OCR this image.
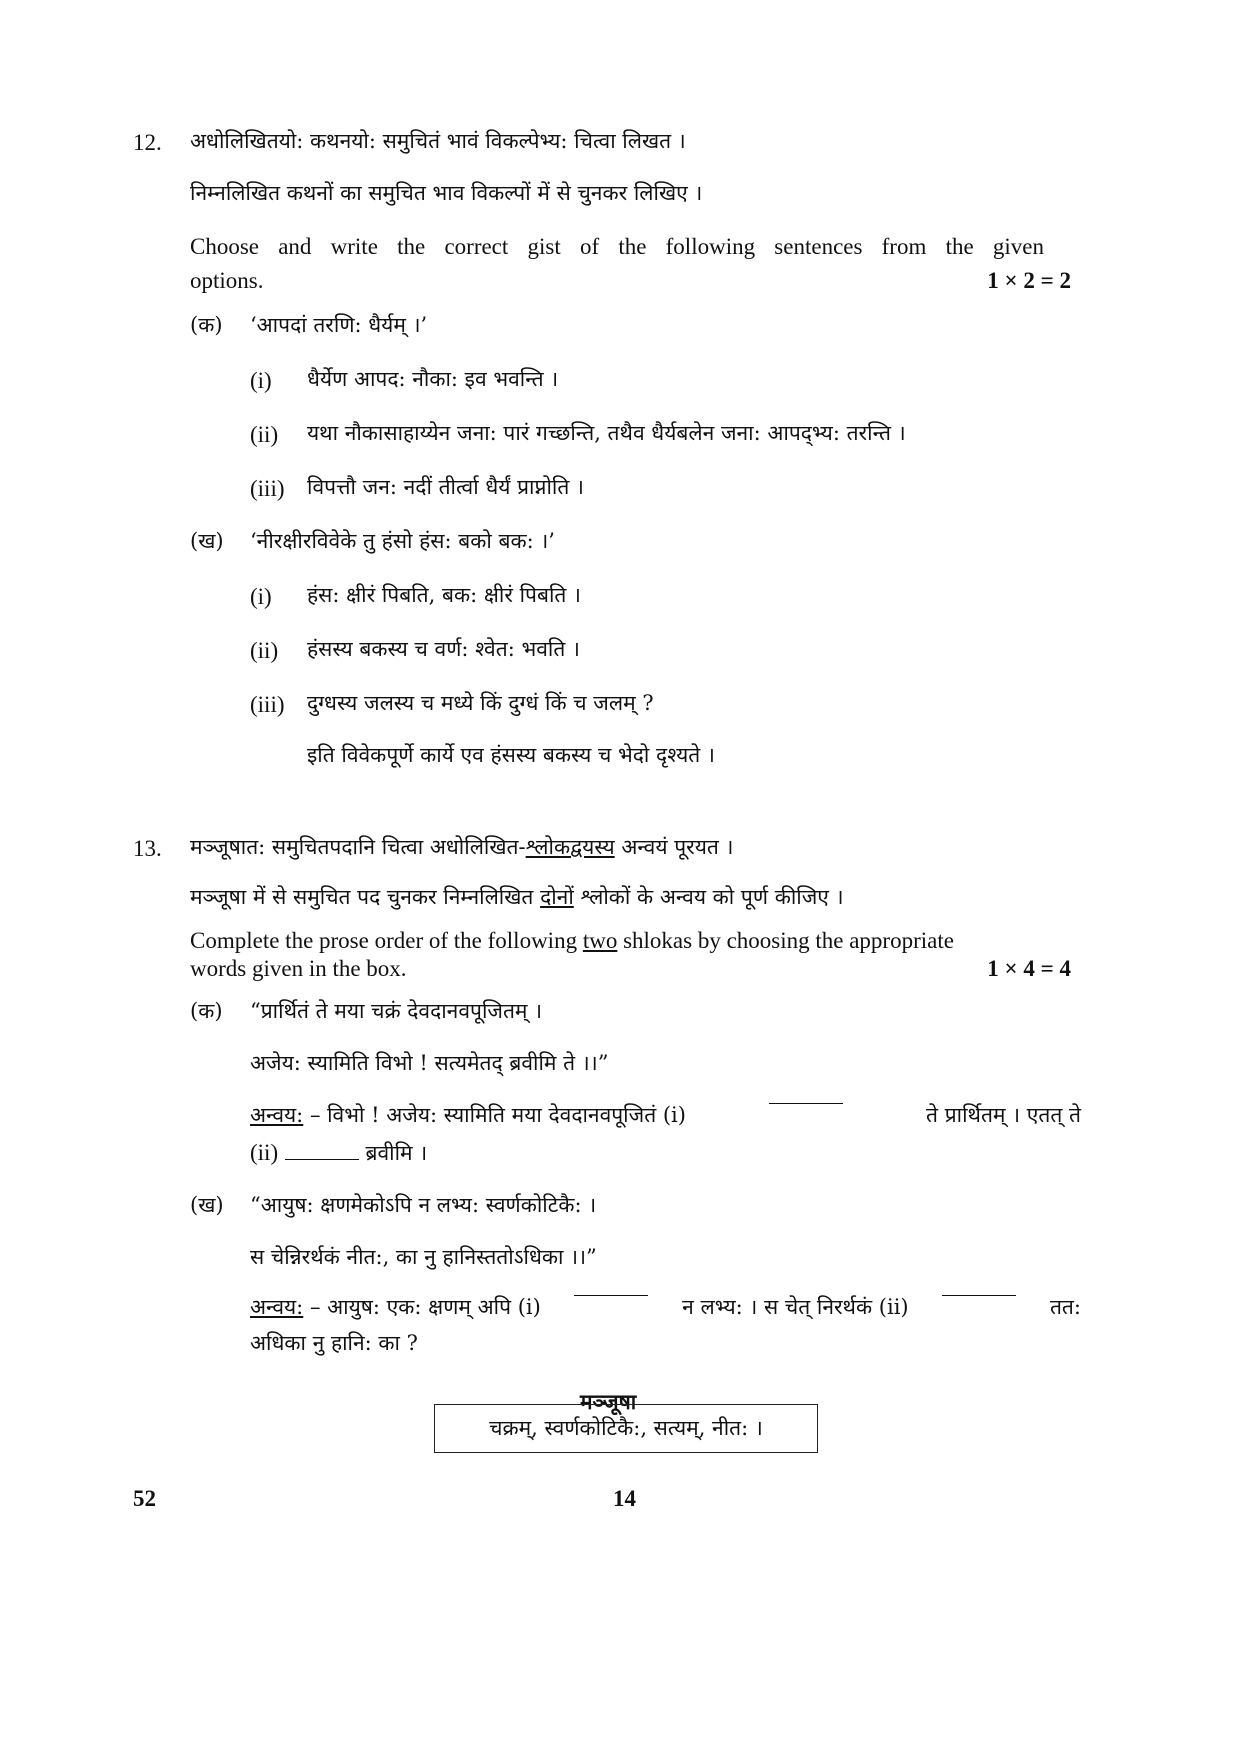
12. अधोलिखितयो: कथनयो: समुचितं भावं विकल्पेभ्य: चित्वा लिखत ।
निम्नलिखित कथनों का समुचित भाव विकल्पों में से चुनकर लिखिए ।
Choose and write the correct gist of the following sentences from the given
options.	1 × 2 = 2
(क) ‘आपदां तरणि: धैर्यम् ।’
(i) धैर्येण आपद: नौका: इव भवन्ति ।
(ii) यथा नौकासाहाय्येन जना: पारं गच्छन्ति, तथैव धैर्यबलेन जना: आपद्भ्य: तरन्ति ।
(iii) विपत्तौ जन: नदीं तीर्त्वा धैर्यं प्राप्नोति ।
(ख) ‘नीरक्षीरविवेके तु हंसो हंस: बको बक: ।’
(i) हंस: क्षीरं पिबति, बक: क्षीरं पिबति ।
(ii) हंसस्य बकस्य च वर्ण: श्वेत: भवति ।
(iii) दुग्धस्य जलस्य च मध्ये किं दुग्धं किं च जलम् ?
इति विवेकपूर्णे कार्ये एव हंसस्य बकस्य च भेदो दृश्यते ।
13. मञ्जूषात: समुचितपदानि चित्वा अधोलिखित-श्लोकद्वयस्य अन्वयं पूरयत ।
मञ्जूषा में से समुचित पद चुनकर निम्नलिखित दोनों श्लोकों के अन्वय को पूर्ण कीजिए ।
Complete the prose order of the following two shlokas by choosing the appropriate
words given in the box.	1 × 4 = 4
(क) “प्रार्थितं ते मया चक्रं देवदानवपूजितम् ।
अजेय: स्यामिति विभो ! सत्यमेतद् ब्रवीमि ते ।।”
अन्वय: – विभो ! अजेय: स्यामिति मया देवदानवपूजितं (i)	ते प्रार्थितम् । एतत् ते
(ii)	ब्रवीमि ।
(ख) “आयुष: क्षणमेकोऽपि न लभ्य: स्वर्णकोटिकै: ।
स चेन्निरर्थकं नीत:, का नु हानिस्ततोऽधिका ।।”
अन्वय: – आयुष: एक: क्षणम् अपि (i)	न लभ्य: । स चेत् निरर्थकं (ii)	तत:
अधिका नु हानि: का ?
मञ्जूषा
चक्रम्, स्वर्णकोटिकै:, सत्यम्, नीत: ।
52	14
